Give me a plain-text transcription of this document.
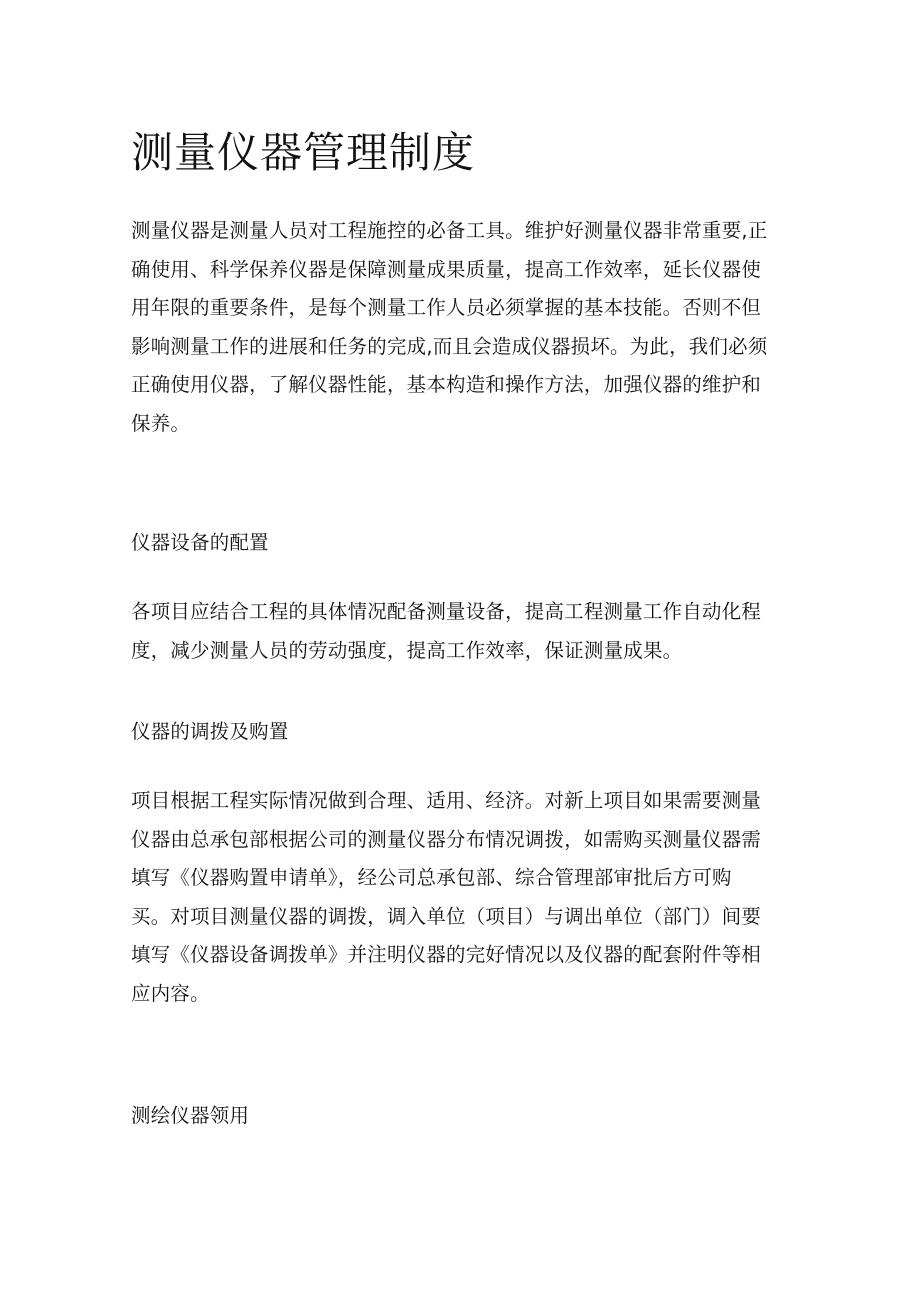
测量仪器管理制度

测量仪器是测量人员对工程施控的必备工具。维护好测量仪器非常重要,正
确使用、科学保养仪器是保障测量成果质量，提高工作效率，延长仪器使
用年限的重要条件，是每个测量工作人员必须掌握的基本技能。否则不但
影响测量工作的进展和任务的完成,而且会造成仪器损坏。为此，我们必须
正确使用仪器，了解仪器性能，基本构造和操作方法，加强仪器的维护和
保养。

仪器设备的配置

各项目应结合工程的具体情况配备测量设备，提高工程测量工作自动化程
度，减少测量人员的劳动强度，提高工作效率，保证测量成果。

仪器的调拨及购置

项目根据工程实际情况做到合理、适用、经济。对新上项目如果需要测量
仪器由总承包部根据公司的测量仪器分布情况调拨，如需购买测量仪器需
填写《仪器购置申请单》，经公司总承包部、综合管理部审批后方可购
买。对项目测量仪器的调拨，调入单位（项目）与调出单位（部门）间要
填写《仪器设备调拨单》并注明仪器的完好情况以及仪器的配套附件等相
应内容。

测绘仪器领用
